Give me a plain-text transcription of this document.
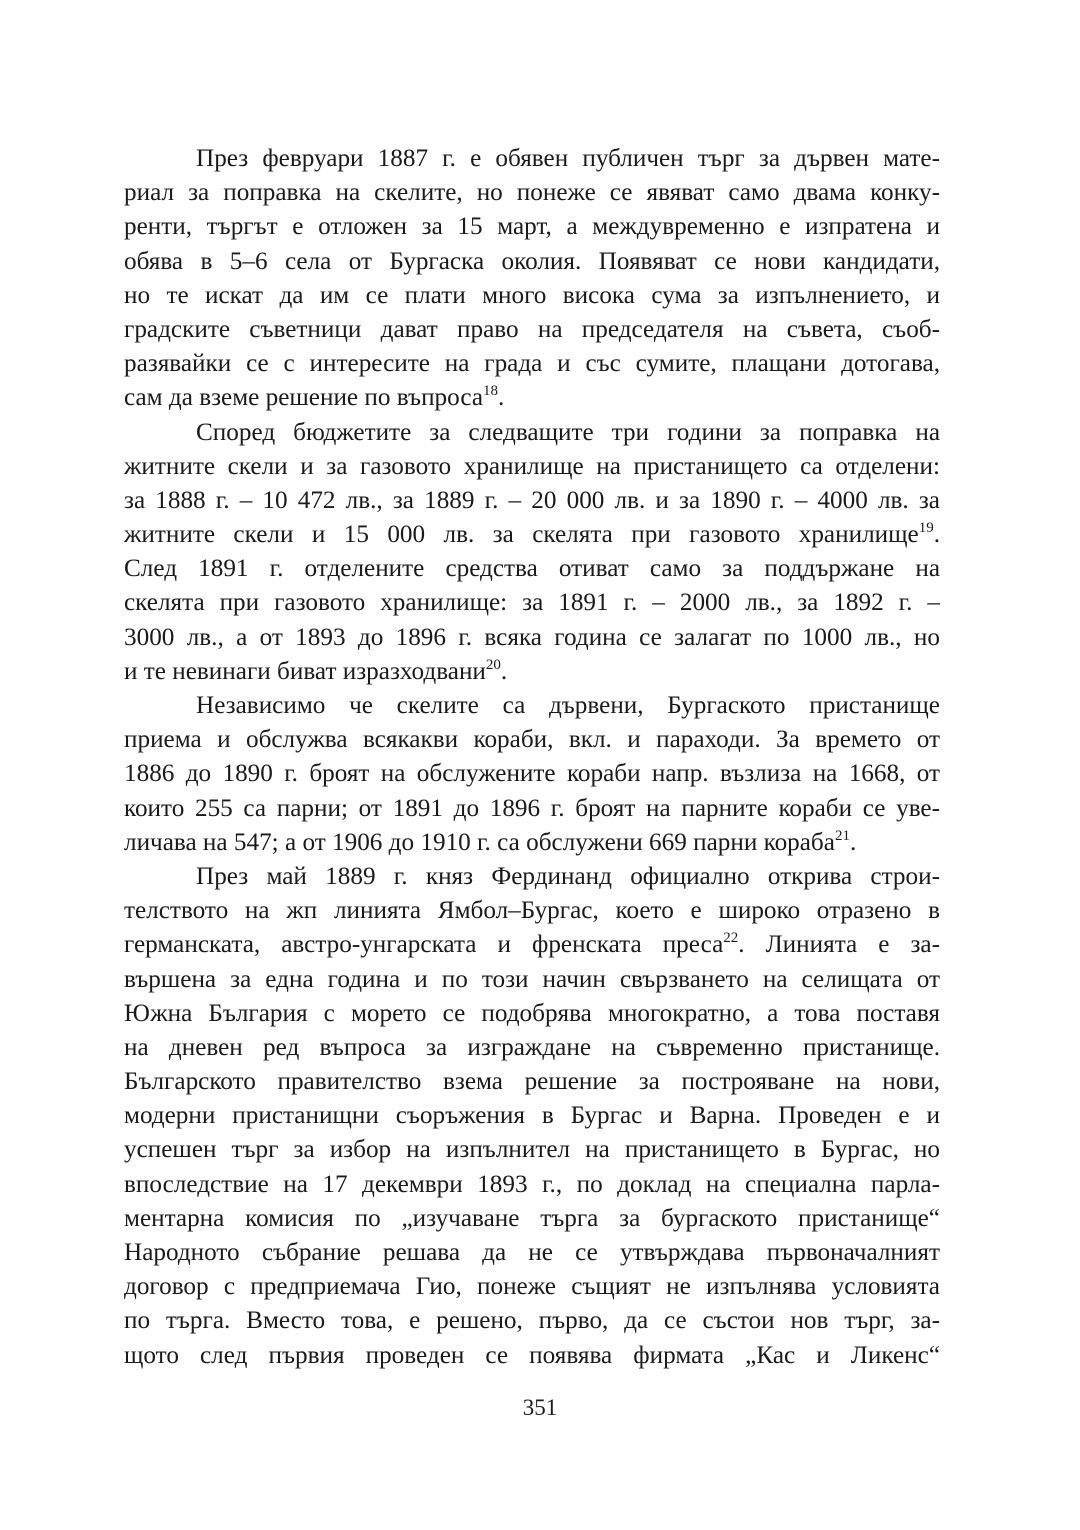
През февруари 1887 г. е обявен публичен търг за дървен мате-
риал за поправка на скелите, но понеже се явяват само двама конку-
ренти, търгът е отложен за 15 март, а междувременно е изпратена и
обява в 5–6 села от Бургаска околия. Появяват се нови кандидати,
но те искат да им се плати много висока сума за изпълнението, и
градските съветници дават право на председателя на съвета, съоб-
разявайки се с интересите на града и със сумите, плащани дотогава,
сам да вземе решение по въпроса$^{18}$.
Според бюджетите за следващите три години за поправка на
житните скели и за газовото хранилище на пристанището са отделени:
за 1888 г. – 10 472 лв., за 1889 г. – 20 000 лв. и за 1890 г. – 4000 лв. за
житните скели и 15 000 лв. за скелята при газовото хранилище$^{19}$.
След 1891 г. отделените средства отиват само за поддържане на
скелята при газовото хранилище: за 1891 г. – 2000 лв., за 1892 г. –
3000 лв., а от 1893 до 1896 г. всяка година се залагат по 1000 лв., но
и те невинаги биват изразходвани$^{20}$.
Независимо че скелите са дървени, Бургаското пристанище
приема и обслужва всякакви кораби, вкл. и параходи. За времето от
1886 до 1890 г. броят на обслужените кораби напр. възлиза на 1668, от
които 255 са парни; от 1891 до 1896 г. броят на парните кораби се уве-
личава на 547; а от 1906 до 1910 г. са обслужени 669 парни кораба$^{21}$.
През май 1889 г. княз Фердинанд официално открива строи-
телството на жп линията Ямбол–Бургас, което е широко отразено в
германската, австро-унгарската и френската преса$^{22}$. Линията е за-
вършена за една година и по този начин свързването на селищата от
Южна България с морето се подобрява многократно, а това поставя
на дневен ред въпроса за изграждане на съвременно пристанище.
Българското правителство взема решение за построяване на нови,
модерни пристанищни съоръжения в Бургас и Варна. Проведен е и
успешен търг за избор на изпълнител на пристанището в Бургас, но
впоследствие на 17 декември 1893 г., по доклад на специална парла-
ментарна комисия по „изучаване търга за бургаското пристанище“
Народното събрание решава да не се утвърждава първоначалният
договор с предприемача Гио, понеже същият не изпълнява условията
по търга. Вместо това, е решено, първо, да се състои нов търг, за-
щото след първия проведен се появява фирмата „Кас и Ликенс“
351
